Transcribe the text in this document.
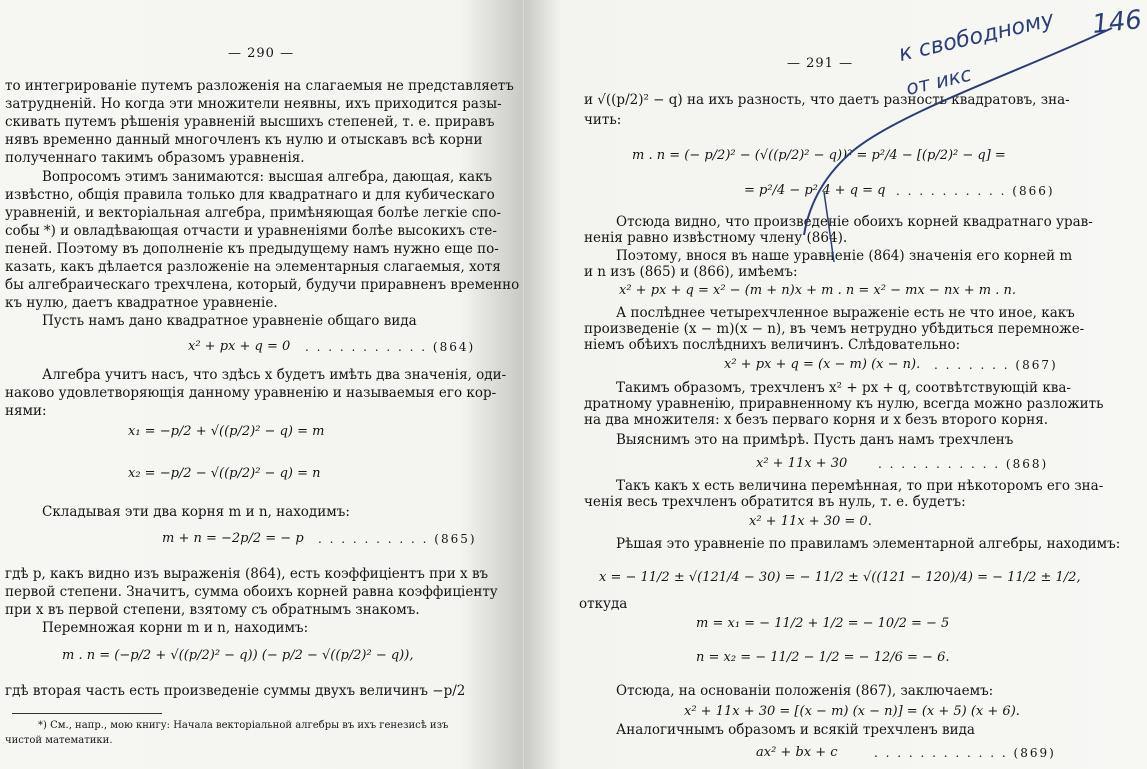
— 290 —
то интегрированіе путемъ разложенія на слагаемыя не представляетъ
затрудненій. Но когда эти множители неявны, ихъ приходится разы-
скивать путемъ рѣшенія уравненій высшихъ степеней, т. е. приравъ
нявъ временно данный многочленъ къ нулю и отыскавъ всѣ корни
полученнаго такимъ образомъ уравненія.
Вопросомъ этимъ занимаются: высшая алгебра, дающая, какъ
извѣстно, общія правила только для квадратнаго и для кубическаго
уравненій, и векторіальная алгебра, примѣняющая болѣе легкіе спо-
собы *) и овладѣвающая отчасти и уравненіями болѣе высокихъ сте-
пеней. Поэтому въ дополненіе къ предыдущему намъ нужно еще по-
казать, какъ дѣлается разложеніе на элементарныя слагаемыя, хотя
бы алгебраическаго трехчлена, который, будучи приравненъ временно
къ нулю, даетъ квадратное уравненіе.
Пусть намъ дано квадратное уравненіе общаго вида
x² + px + q = 0 . . . . . . . . . . . (864)
Алгебра учитъ насъ, что здѣсь x будетъ имѣть два значенія, оди-
наково удовлетворяющія данному уравненію и называемыя его кор-
нями:
x₁ = −p/2 + √((p/2)² − q) = m
x₂ = −p/2 − √((p/2)² − q) = n
Складывая эти два корня m и n, находимъ:
m + n = −2p/2 = − p . . . . . . . . . . (865)
гдѣ p, какъ видно изъ выраженія (864), есть коэффиціентъ при x въ
первой степени. Значитъ, сумма обоихъ корней равна коэффиціенту
при x въ первой степени, взятому съ обратнымъ знакомъ.
Перемножая корни m и n, находимъ:
m . n = (−p/2 + √((p/2)² − q)) (− p/2 − √((p/2)² − q)),
гдѣ вторая часть есть произведеніе суммы двухъ величинъ −p/2
*) См., напр., мою книгу: Начала векторіальной алгебры въ ихъ генезисѣ изъ
чистой математики.
— 291 —
и √((p/2)² − q) на ихъ разность, что даетъ разность квадратовъ, зна-
чить:
m . n = (− p/2)² − (√((p/2)² − q))² = p²/4 − [(p/2)² − q] =
= p²/4 − p²/4 + q = q . . . . . . . . . . (866)
Отсюда видно, что произведеніе обоихъ корней квадратнаго урав-
ненія равно извѣстному члену (864).
Поэтому, внося въ наше уравненіе (864) значенія его корней m
и n изъ (865) и (866), имѣемъ:
x² + px + q = x² − (m + n)x + m . n = x² − mx − nx + m . n.
А послѣднее четырехчленное выраженіе есть не что иное, какъ
произведеніе (x − m)(x − n), въ чемъ нетрудно убѣдиться перемноже-
ніемъ обѣихъ послѣднихъ величинъ. Слѣдовательно:
x² + px + q = (x − m) (x − n). . . . . . . . (867)
Такимъ образомъ, трехчленъ x² + px + q, соотвѣтствующій ква-
дратному уравненію, приравненному къ нулю, всегда можно разложить
на два множителя: x безъ перваго корня и x безъ второго корня.
Выяснимъ это на примѣрѣ. Пусть данъ намъ трехчленъ
x² + 11x + 30	. . . . . . . . . . . (868)
Такъ какъ x есть величина перемѣнная, то при нѣкоторомъ его зна-
ченія весь трехчленъ обратится въ нуль, т. е. будетъ:
x² + 11x + 30 = 0.
Рѣшая это уравненіе по правиламъ элементарной алгебры, находимъ:
x = − 11/2 ± √(121/4 − 30) = − 11/2 ± √((121 − 120)/4) = − 11/2 ± 1/2,
откуда
m = x₁ = − 11/2 + 1/2 = − 10/2 = − 5
n = x₂ = − 11/2 − 1/2 = − 12/6 = − 6.
Отсюда, на основаніи положенія (867), заключаемъ:
x² + 11x + 30 = [(x − m) (x − n)] = (x + 5) (x + 6).
Аналогичнымъ образомъ и всякій трехчленъ вида
ax² + bx + c	. . . . . . . . . . . . (869)
к свободному
от икс
146
